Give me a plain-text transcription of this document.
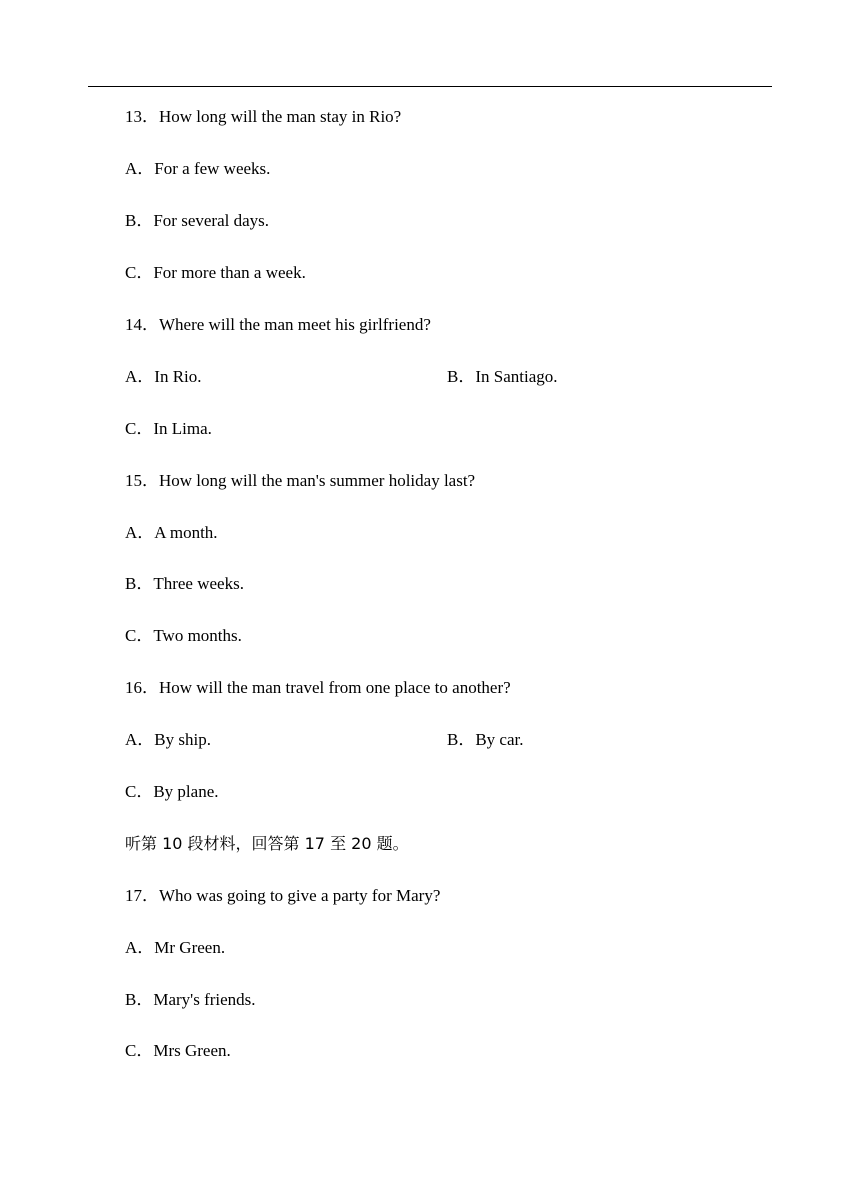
13．How long will the man stay in Rio?
A．For a few weeks.
B．For several days.
C．For more than a week.
14．Where will the man meet his girlfriend?
A．In Rio.	B．In Santiago.
C．In Lima.
15．How long will the man's summer holiday last?
A．A month.
B．Three weeks.
C．Two months.
16．How will the man travel from one place to another?
A．By ship.	B．By car.
C．By plane.
听第 10 段材料，回答第 17 至 20 题。
17．Who was going to give a party for Mary?
A．Mr Green.
B．Mary's friends.
C．Mrs Green.
